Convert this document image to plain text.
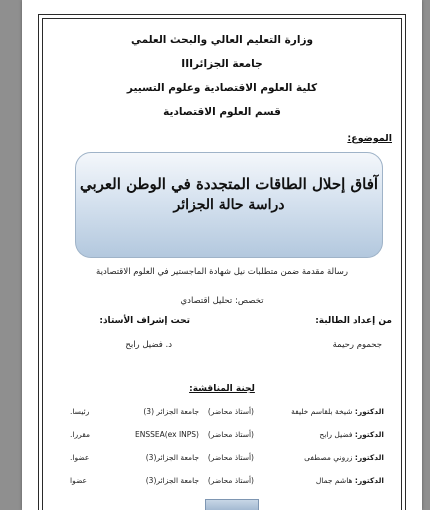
وزارة التعليم العالي والبحث العلمي
جامعة الجزائرIII
كلية العلوم الاقتصادية وعلوم التسيير
قسم العلوم الاقتصادية
الموضوع:
آفاق إحلال الطاقات المتجددة في الوطن العربي
دراسة حالة الجزائر
رسالة مقدمة ضمن متطلبات نيل شهادة الماجستير في العلوم الاقتصادية
تخصص: تحليل اقتصادي
من إعداد الطالبة:
تحت إشراف الأستاذ:
جحموم رحيمة
د. فضيل رابح
لجنة المناقشة:
الدكتور: شيخة بلقاسم خليفة
(أستاذ محاضر)
جامعة الجزائر (3)
رئيسا.
الدكتور: فضيل رابح
(أستاذ محاضر)
ENSSEA(ex INPS)
مقررا.
الدكتور: زروني مصطفى
(أستاذ محاضر)
جامعة الجزائر(3)
عضوا.
الدكتور: هاشم جمال
(أستاذ محاضر)
جامعة الجزائر(3)
عضوا
